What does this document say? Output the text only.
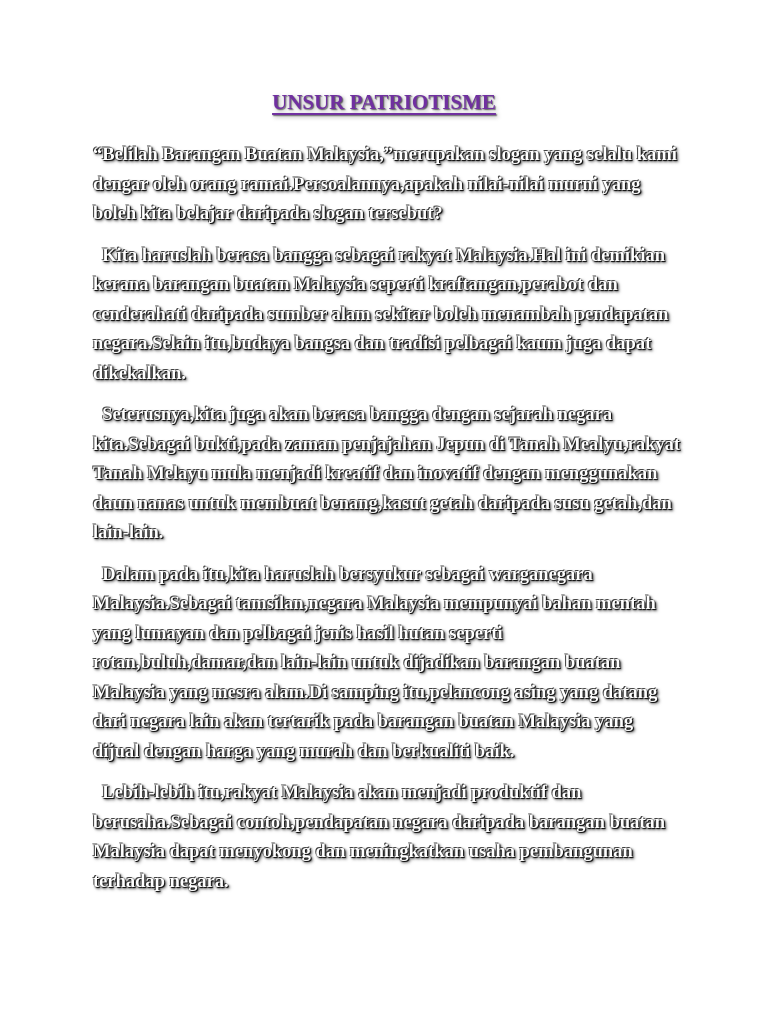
UNSUR PATRIOTISME

“Belilah Barangan Buatan Malaysia,”merupakan slogan yang selalu kami dengar oleh orang ramai.Persoalannya,apakah nilai-nilai murni yang boleh kita belajar daripada slogan tersebut?

Kita haruslah berasa bangga sebagai rakyat Malaysia.Hal ini demikian kerana barangan buatan Malaysia seperti kraftangan,perabot dan cenderahati daripada sumber alam sekitar boleh menambah pendapatan negara.Selain itu,budaya bangsa dan tradisi pelbagai kaum juga dapat dikekalkan.

Seterusnya,kita juga akan berasa bangga dengan sejarah negara kita.Sebagai bukti,pada zaman penjajahan Jepun di Tanah Mealyu,rakyat Tanah Melayu mula menjadi kreatif dan inovatif dengan menggunakan daun nanas untuk membuat benang,kasut getah daripada susu getah,dan lain-lain.

Dalam pada itu,kita haruslah bersyukur sebagai warganegara Malaysia.Sebagai tamsilan,negara Malaysia mempunyai bahan mentah yang lumayan dan pelbagai jenis hasil hutan seperti rotan,buluh,damar,dan lain-lain untuk dijadikan barangan buatan Malaysia yang mesra alam.Di samping itu,pelancong asing yang datang dari negara lain akan tertarik pada barangan buatan Malaysia yang dijual dengan harga yang murah dan berkualiti baik.

Lebih-lebih itu,rakyat Malaysia akan menjadi produktif dan berusaha.Sebagai contoh,pendapatan negara daripada barangan buatan Malaysia dapat menyokong dan meningkatkan usaha pembangunan terhadap negara.
